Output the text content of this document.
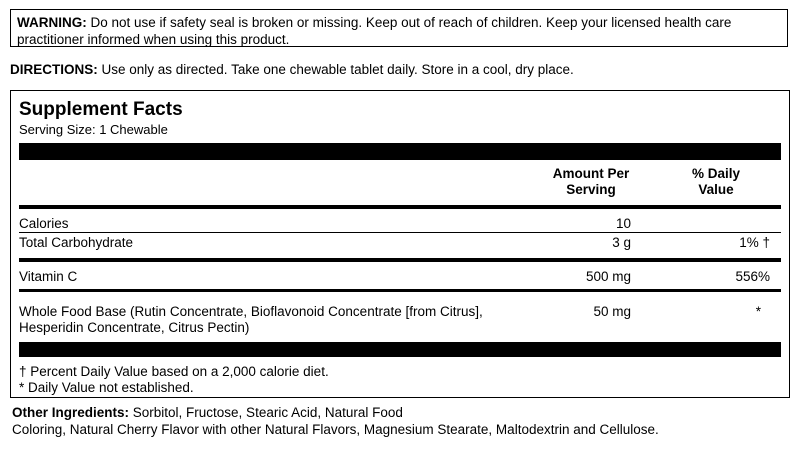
WARNING: Do not use if safety seal is broken or missing. Keep out of reach of children. Keep your licensed health care practitioner informed when using this product.
DIRECTIONS: Use only as directed. Take one chewable tablet daily. Store in a cool, dry place.
Supplement Facts
Serving Size: 1 Chewable
Amount Per
Serving
% Daily
Value
Calories	10
Total Carbohydrate	3 g	1% †
Vitamin C	500 mg	556%
Whole Food Base (Rutin Concentrate, Bioflavonoid Concentrate [from Citrus],
Hesperidin Concentrate, Citrus Pectin)
50 mg	*
† Percent Daily Value based on a 2,000 calorie diet.
* Daily Value not established.
Other Ingredients: Sorbitol, Fructose, Stearic Acid, Natural Food
Coloring, Natural Cherry Flavor with other Natural Flavors, Magnesium Stearate, Maltodextrin and Cellulose.
